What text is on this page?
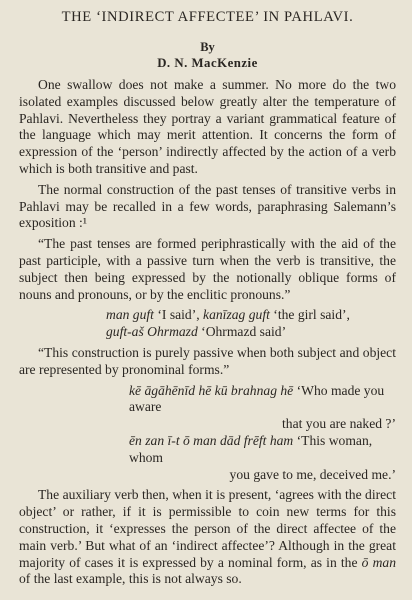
THE ‘INDIRECT AFFECTEE’ IN PAHLAVI.
By
D. N. MacKenzie

One swallow does not make a summer. No more do the two isolated examples discussed below greatly alter the temperature of Pahlavi. Nevertheless they portray a variant grammatical feature of the language which may merit attention. It concerns the form of expression of the ‘person’ indirectly affected by the action of a verb which is both transitive and past.

The normal construction of the past tenses of transitive verbs in Pahlavi may be recalled in a few words, paraphrasing Salemann’s exposition :¹

“The past tenses are formed periphrastically with the aid of the past participle, with a passive turn when the verb is transitive, the subject then being expressed by the notionally oblique forms of nouns and pronouns, or by the enclitic pronouns.”

man guft ‘I said’, kanīzag guft ‘the girl said’,
guft-aš Ohrmazd ‘Ohrmazd said’

“This construction is purely passive when both subject and object are represented by pronominal forms.”

kē āgāhēnīd hē kū brahnag hē ‘Who made you aware
that you are naked ?’
ēn zan ī-t ō man dād frēft ham ‘This woman, whom
you gave to me, deceived me.’

The auxiliary verb then, when it is present, ‘agrees with the direct object’ or rather, if it is permissible to coin new terms for this construction, it ‘expresses the person of the direct affectee of the main verb.’ But what of an ‘indirect affectee’? Although in the great majority of cases it is expressed by a nominal form, as in the ō man of the last example, this is not always so.
